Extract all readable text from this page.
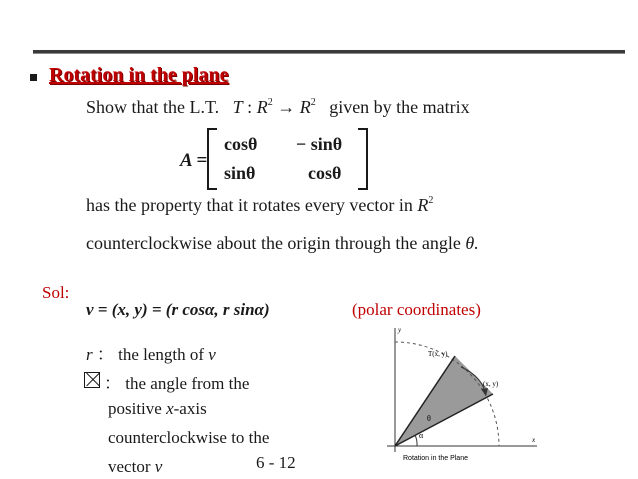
Rotation in the plane
Show that the L.T. T : $R^2 \to R^2$ given by the matrix
A =
cosθ − sinθ
sinθ	cosθ
has the property that it rotates every vector in $R^2$
counterclockwise about the origin through the angle θ.
Sol:
v = (x, y) = (r cosα, r sinα)	(polar coordinates)
r ： the length of v
： the angle from the
positive x-axis
counterclockwise to the
vector v
y
x
T(x, y)
(x, y)
θ
α
Rotation in the Plane
6 - 12
